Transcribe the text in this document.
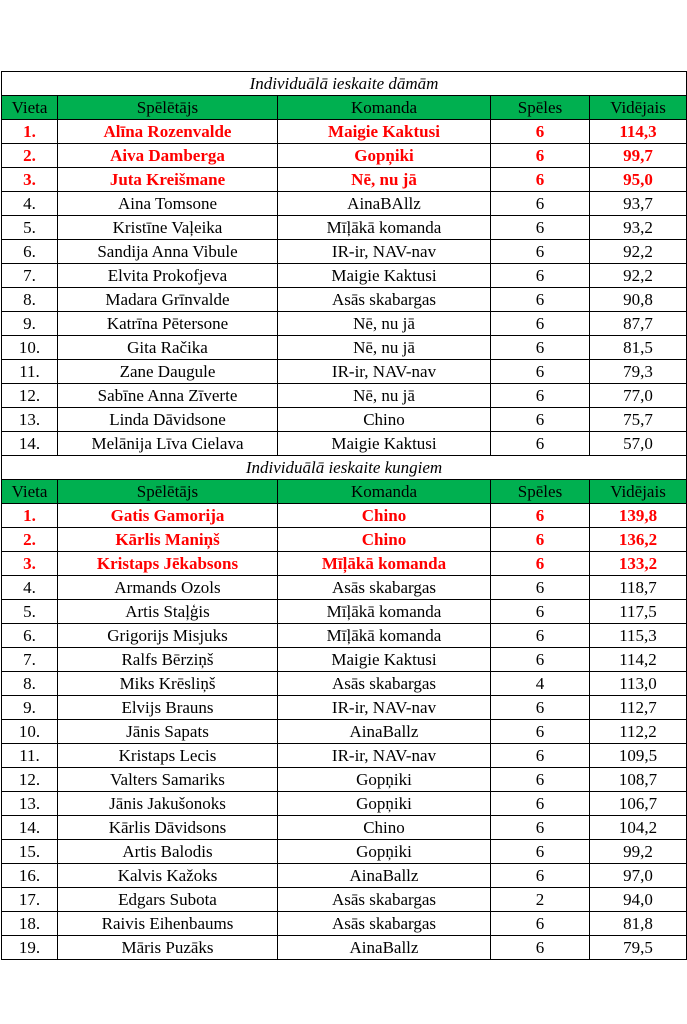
Individuālā ieskaite dāmām				
Vieta	Spēlētājs	Komanda	Spēles	Vidējais
1.	Alīna Rozenvalde	Maigie Kaktusi	6	114,3
2.	Aiva Damberga	Gopņiki	6	99,7
3.	Juta Kreišmane	Nē, nu jā	6	95,0
4.	Aina Tomsone	AinaBAllz	6	93,7
5.	Kristīne Vaļeika	Mīļākā komanda	6	93,2
6.	Sandija Anna Vibule	IR-ir, NAV-nav	6	92,2
7.	Elvita Prokofjeva	Maigie Kaktusi	6	92,2
8.	Madara Grīnvalde	Asās skabargas	6	90,8
9.	Katrīna Pētersone	Nē, nu jā	6	87,7
10.	Gita Račika	Nē, nu jā	6	81,5
11.	Zane Daugule	IR-ir, NAV-nav	6	79,3
12.	Sabīne Anna Zīverte	Nē, nu jā	6	77,0
13.	Linda Dāvidsone	Chino	6	75,7
14.	Melānija Līva Cielava	Maigie Kaktusi	6	57,0
Individuālā ieskaite kungiem				
Vieta	Spēlētājs	Komanda	Spēles	Vidējais
1.	Gatis Gamorija	Chino	6	139,8
2.	Kārlis Maniņš	Chino	6	136,2
3.	Kristaps Jēkabsons	Mīļākā komanda	6	133,2
4.	Armands Ozols	Asās skabargas	6	118,7
5.	Artis Staļģis	Mīļākā komanda	6	117,5
6.	Grigorijs Misjuks	Mīļākā komanda	6	115,3
7.	Ralfs Bērziņš	Maigie Kaktusi	6	114,2
8.	Miks Krēsliņš	Asās skabargas	4	113,0
9.	Elvijs Brauns	IR-ir, NAV-nav	6	112,7
10.	Jānis Sapats	AinaBallz	6	112,2
11.	Kristaps Lecis	IR-ir, NAV-nav	6	109,5
12.	Valters Samariks	Gopņiki	6	108,7
13.	Jānis Jakušonoks	Gopņiki	6	106,7
14.	Kārlis Dāvidsons	Chino	6	104,2
15.	Artis Balodis	Gopņiki	6	99,2
16.	Kalvis Kažoks	AinaBallz	6	97,0
17.	Edgars Subota	Asās skabargas	2	94,0
18.	Raivis Eihenbaums	Asās skabargas	6	81,8
19.	Māris Puzāks	AinaBallz	6	79,5
